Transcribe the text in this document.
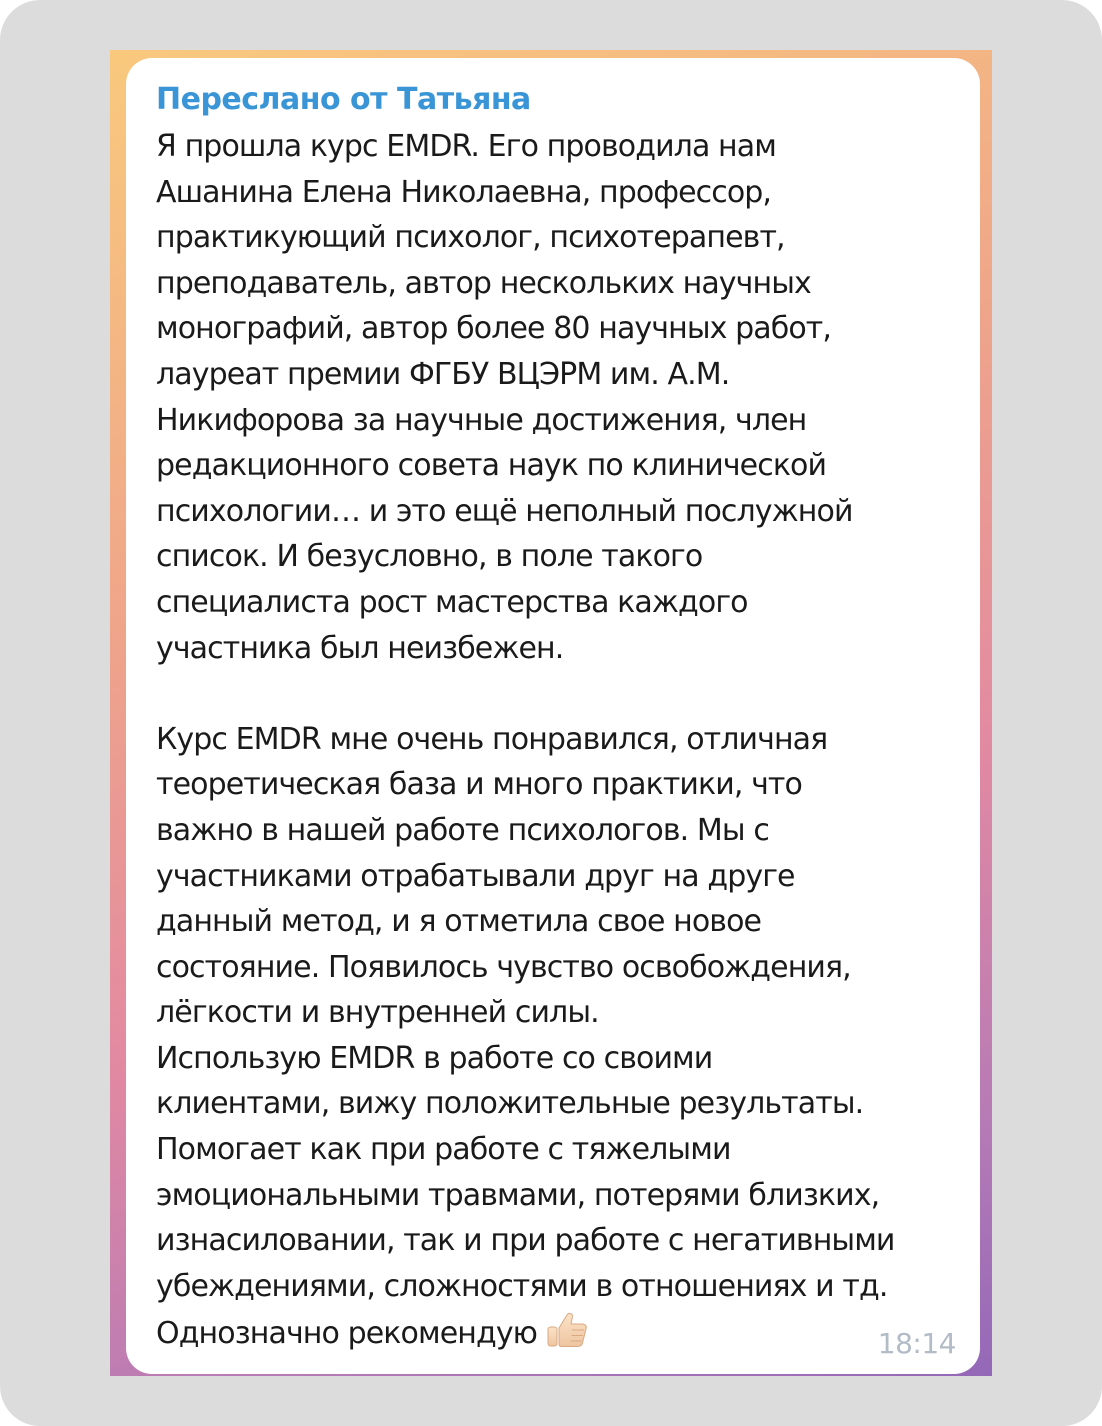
Переслано от Татьяна
Я прошла курс EMDR. Его проводила нам
Ашанина Елена Николаевна, профессор,
практикующий психолог, психотерапевт,
преподаватель, автор нескольких научных
монографий, автор более 80 научных работ,
лауреат премии ФГБУ ВЦЭРМ им. А.М.
Никифорова за научные достижения, член
редакционного совета наук по клинической
психологии… и это ещё неполный послужной
список. И безусловно, в поле такого
специалиста рост мастерства каждого
участника был неизбежен.
Курс EMDR мне очень понравился, отличная
теоретическая база и много практики, что
важно в нашей работе психологов. Мы с
участниками отрабатывали друг на друге
данный метод, и я отметила свое новое
состояние. Появилось чувство освобождения,
лёгкости и внутренней силы.
Использую EMDR в работе со своими
клиентами, вижу положительные результаты.
Помогает как при работе с тяжелыми
эмоциональными травмами, потерями близких,
изнасиловании, так и при работе с негативными
убеждениями, сложностями в отношениях и тд.
Однозначно рекомендую	18:14
